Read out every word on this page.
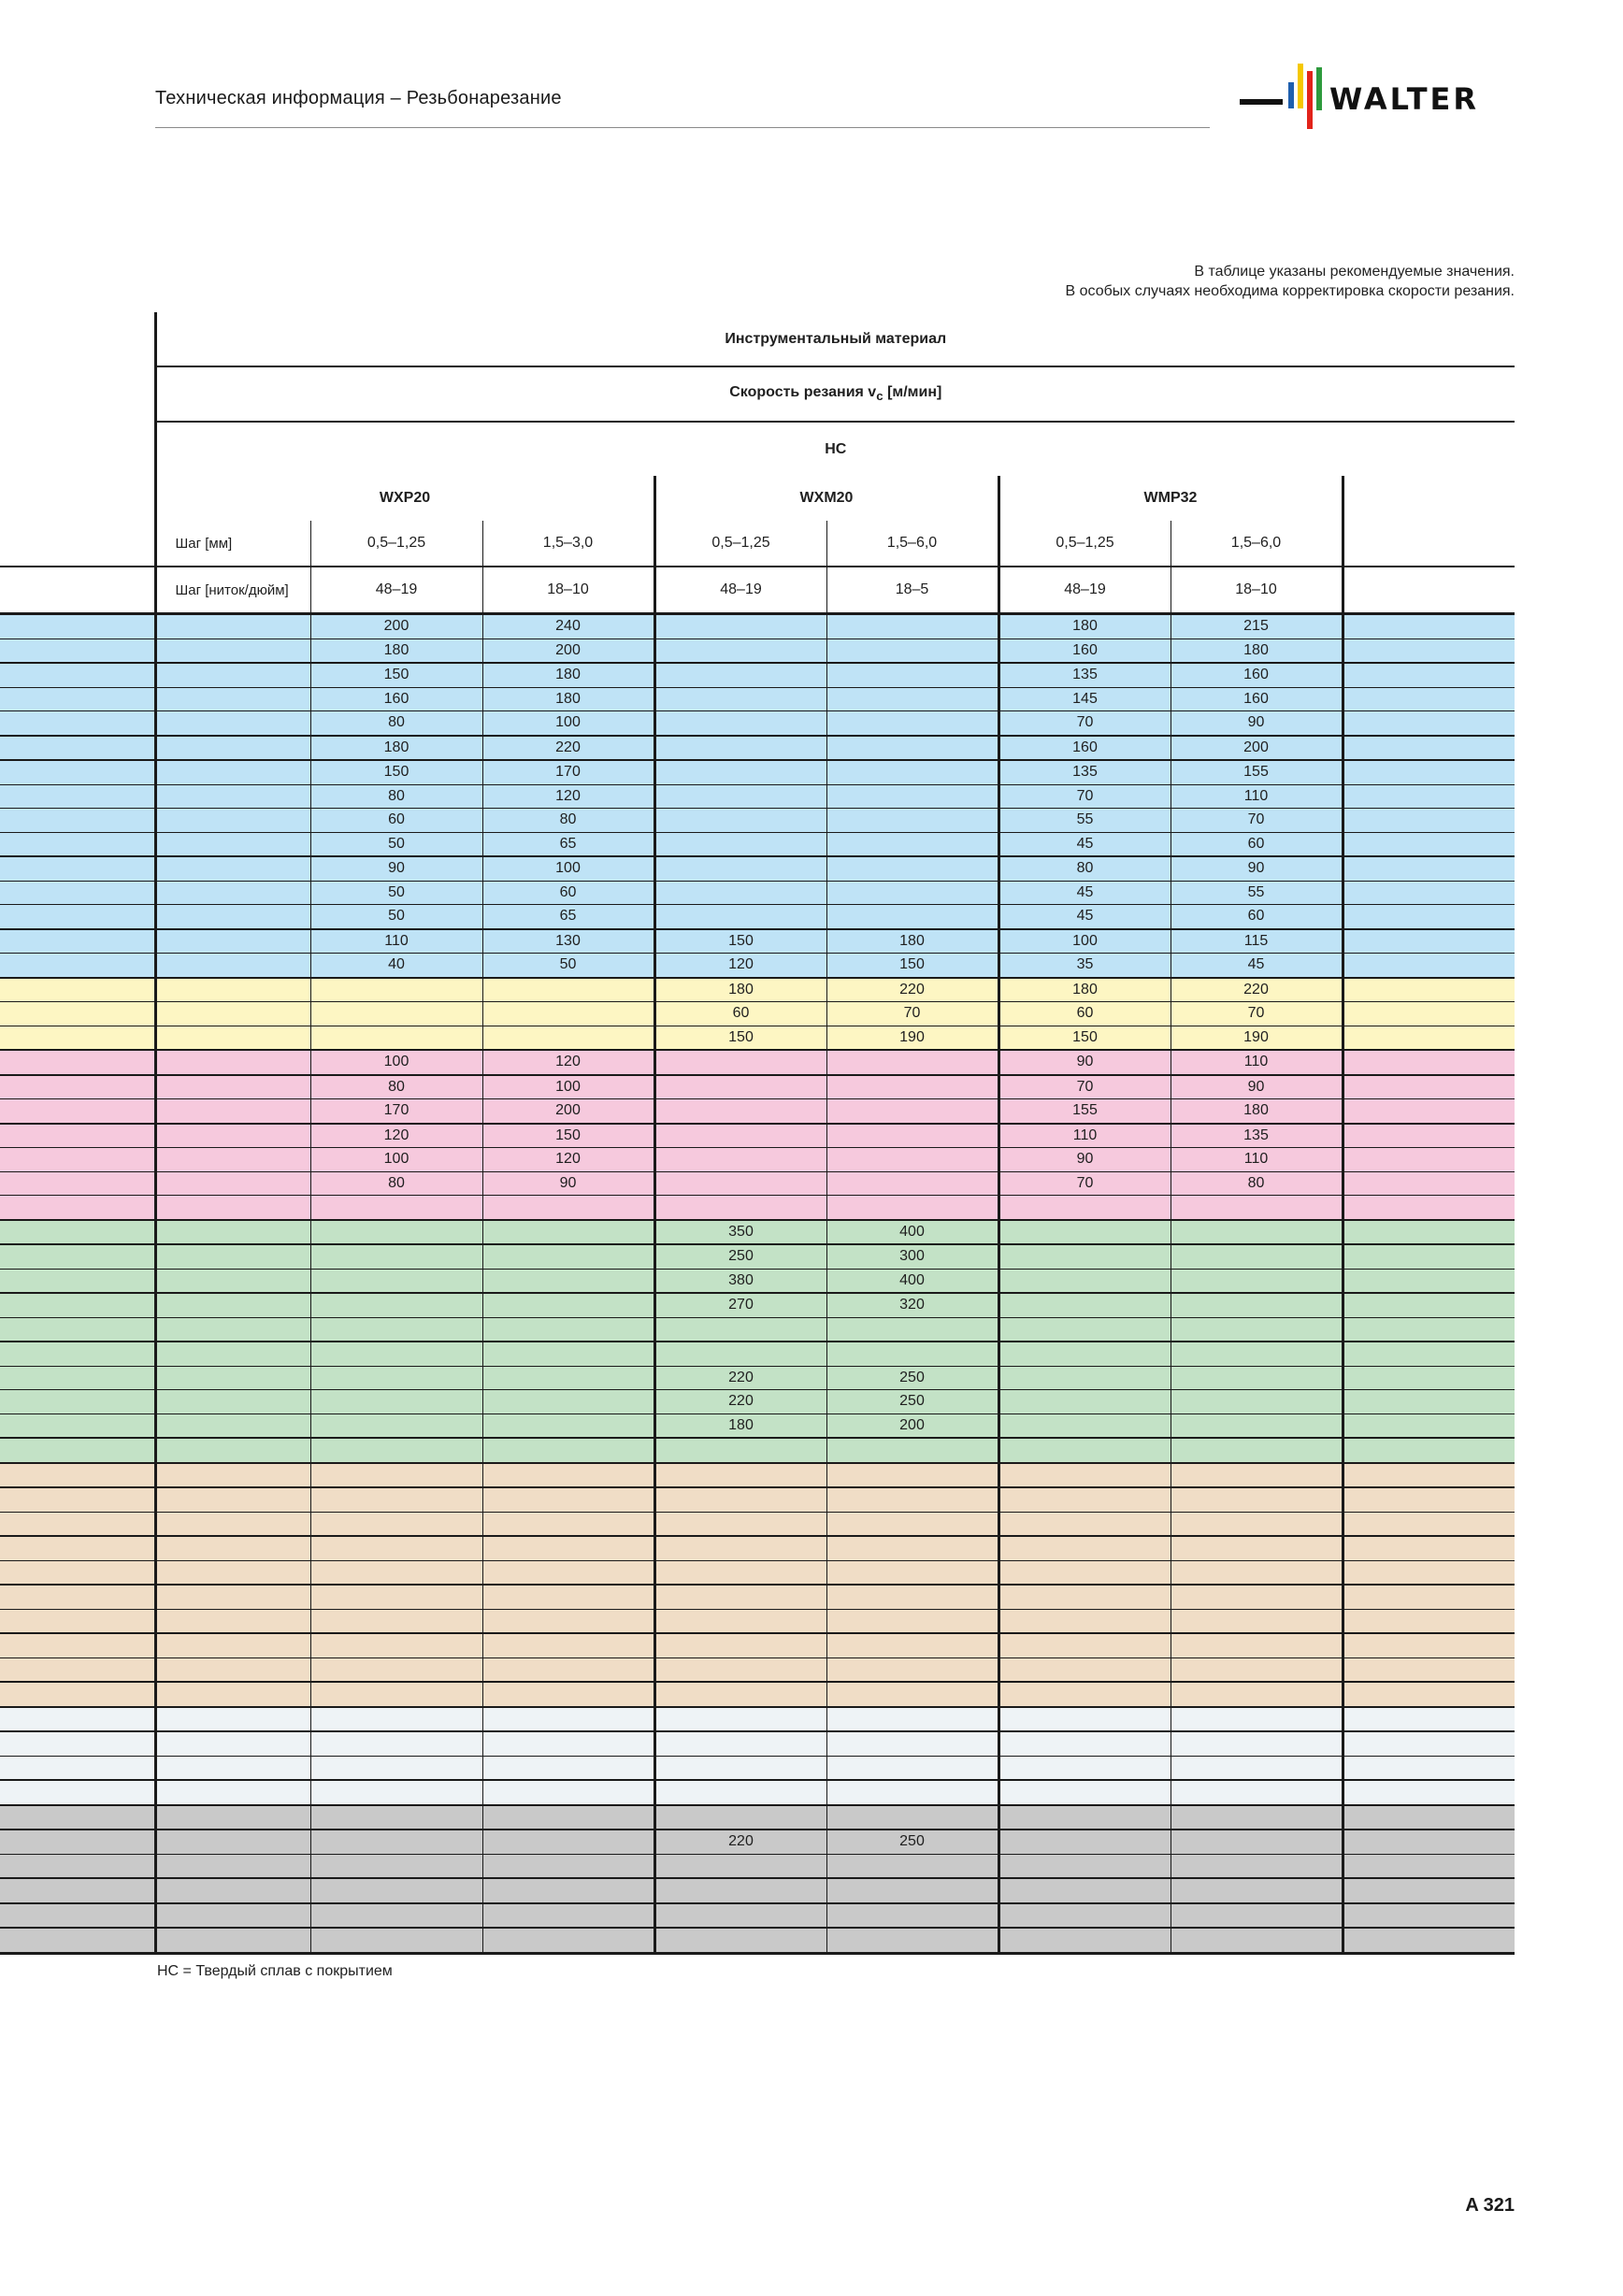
Техническая информация – Резьбонарезание	WALTER
В таблице указаны рекомендуемые значения.
В особых случаях необходима корректировка скорости резания.
	Инструментальный материал							
	Скорость резания $v_c$ [м/мин]							
	HC							
	WXP20			WXM20		WMP32		
	Шаг [мм]	0,5–1,25	1,5–3,0	0,5–1,25	1,5–6,0	0,5–1,25	1,5–6,0	
	Шаг [ниток/дюйм]	48–19	18–10	48–19	18–5	48–19	18–10	
		200	240			180	215	
		180	200			160	180	
		150	180			135	160	
		160	180			145	160	
		80	100			70	90	
		180	220			160	200	
		150	170			135	155	
		80	120			70	110	
		60	80			55	70	
		50	65			45	60	
		90	100			80	90	
		50	60			45	55	
		50	65			45	60	
		110	130	150	180	100	115	
		40	50	120	150	35	45	
				180	220	180	220	
				60	70	60	70	
				150	190	150	190	
		100	120			90	110	
		80	100			70	90	
		170	200			155	180	
		120	150			110	135	
		100	120			90	110	
		80	90			70	80	

				350	400			
				250	300			
				380	400			
				270	320			

				220	250			
				220	250			
				180	200			

				220	250			

HC = Твердый сплав с покрытием
A 321
